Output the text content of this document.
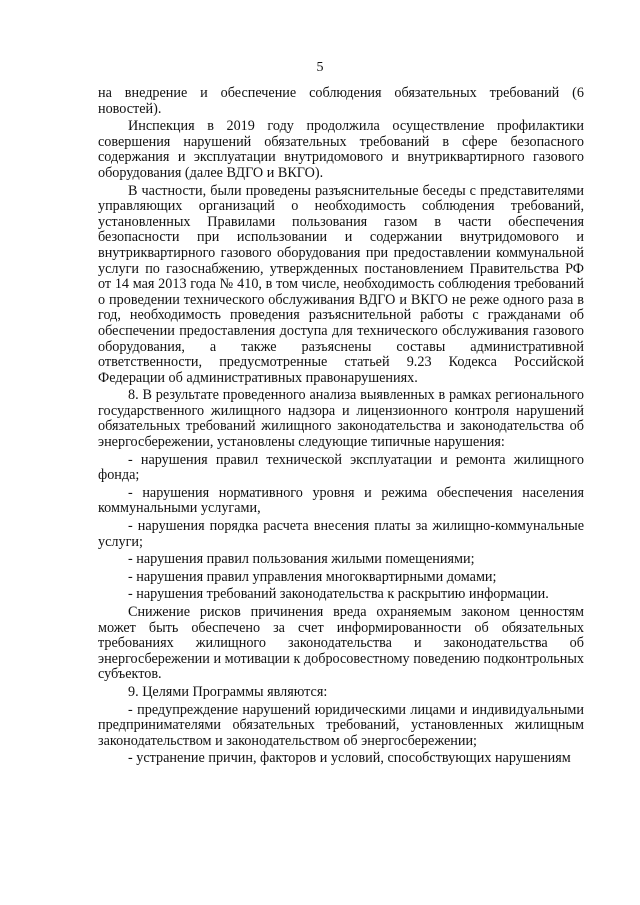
5

на внедрение и обеспечение соблюдения обязательных требований (6 новостей).

Инспекция в 2019 году продолжила осуществление профилактики совершения нарушений обязательных требований в сфере безопасного содержания и эксплуатации внутридомового и внутриквартирного газового оборудования (далее ВДГО и ВКГО).

В частности, были проведены разъяснительные беседы с представителями управляющих организаций о необходимость соблюдения требований, установленных Правилами пользования газом в части обеспечения безопасности при использовании и содержании внутридомового и внутриквартирного газового оборудования при предоставлении коммунальной услуги по газоснабжению, утвержденных постановлением Правительства РФ от 14 мая 2013 года № 410, в том числе, необходимость соблюдения требований о проведении технического обслуживания ВДГО и ВКГО не реже одного раза в год, необходимость проведения разъяснительной работы с гражданами об обеспечении предоставления доступа для технического обслуживания газового оборудования, а также разъяснены составы административной ответственности, предусмотренные статьей 9.23 Кодекса Российской Федерации об административных правонарушениях.

8. В результате проведенного анализа выявленных в рамках регионального государственного жилищного надзора и лицензионного контроля нарушений обязательных требований жилищного законодательства и законодательства об энергосбережении, установлены следующие типичные нарушения:

- нарушения правил технической эксплуатации и ремонта жилищного фонда;

- нарушения нормативного уровня и режима обеспечения населения коммунальными услугами,

- нарушения порядка расчета внесения платы за жилищно-коммунальные услуги;

- нарушения правил пользования жилыми помещениями;

- нарушения правил управления многоквартирными домами;

- нарушения требований законодательства к раскрытию информации.

Снижение рисков причинения вреда охраняемым законом ценностям может быть обеспечено за счет информированности об обязательных требованиях жилищного законодательства и законодательства об энергосбережении и мотивации к добросовестному поведению подконтрольных субъектов.

9. Целями Программы являются:

- предупреждение нарушений юридическими лицами и индивидуальными предпринимателями обязательных требований, установленных жилищным законодательством и законодательством об энергосбережении;

- устранение причин, факторов и условий, способствующих нарушениям
